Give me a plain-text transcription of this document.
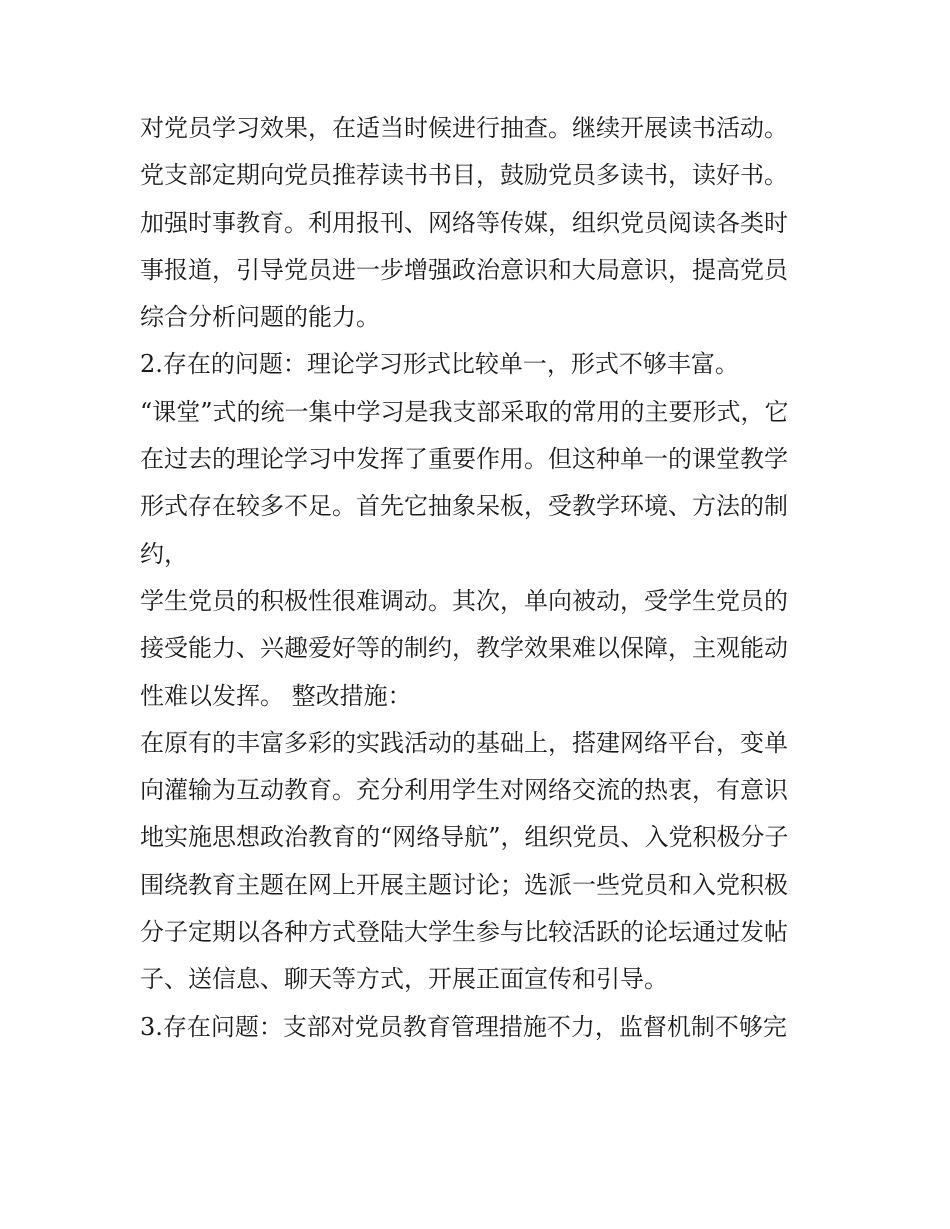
对党员学习效果，在适当时候进行抽查。继续开展读书活动。
党支部定期向党员推荐读书书目，鼓励党员多读书，读好书。
加强时事教育。利用报刊、网络等传媒，组织党员阅读各类时
事报道，引导党员进一步增强政治意识和大局意识，提高党员
综合分析问题的能力。
2.存在的问题：理论学习形式比较单一，形式不够丰富。
“课堂”式的统一集中学习是我支部采取的常用的主要形式，它
在过去的理论学习中发挥了重要作用。但这种单一的课堂教学
形式存在较多不足。首先它抽象呆板，受教学环境、方法的制
约，
学生党员的积极性很难调动。其次，单向被动，受学生党员的
接受能力、兴趣爱好等的制约，教学效果难以保障，主观能动
性难以发挥。 整改措施：
在原有的丰富多彩的实践活动的基础上，搭建网络平台，变单
向灌输为互动教育。充分利用学生对网络交流的热衷，有意识
地实施思想政治教育的“网络导航”，组织党员、入党积极分子
围绕教育主题在网上开展主题讨论；选派一些党员和入党积极
分子定期以各种方式登陆大学生参与比较活跃的论坛通过发帖
子、送信息、聊天等方式，开展正面宣传和引导。
3.存在问题：支部对党员教育管理措施不力，监督机制不够完
